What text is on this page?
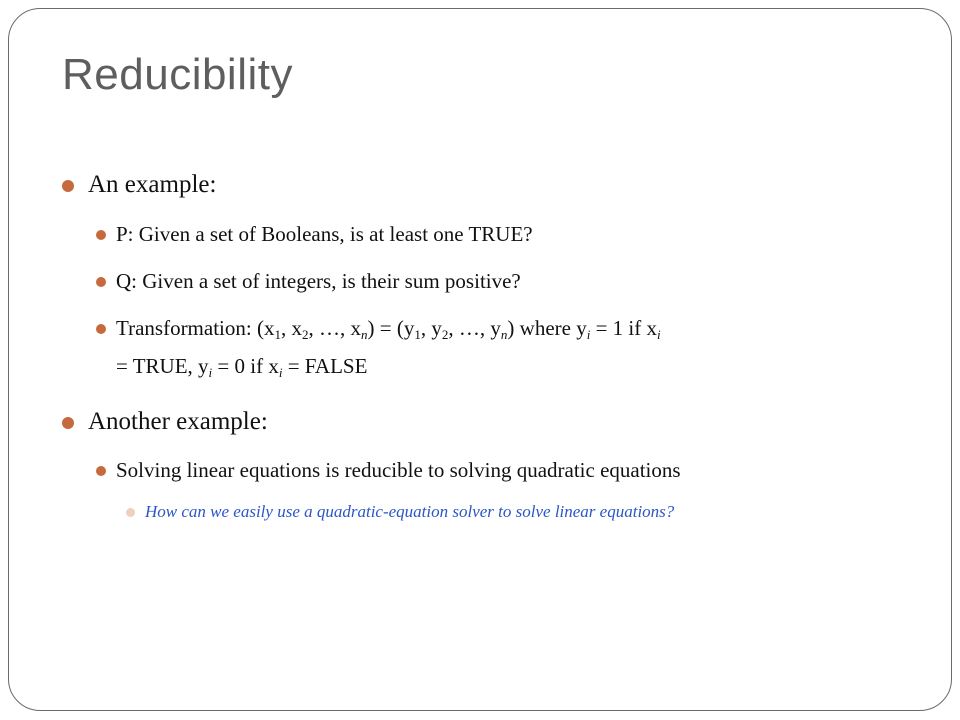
Reducibility
An example:
P: Given a set of Booleans, is at least one TRUE?
Q: Given a set of integers, is their sum positive?
Transformation: ($x_1$, $x_2$, …, $x_n) = (y_1$, $y_2$, …, $y_n$) where $y_i = 1$ if $x_i$
= TRUE, $y_i = 0$ if $x_i$ = FALSE
Another example:
Solving linear equations is reducible to solving quadratic equations
How can we easily use a quadratic-equation solver to solve linear equations?
